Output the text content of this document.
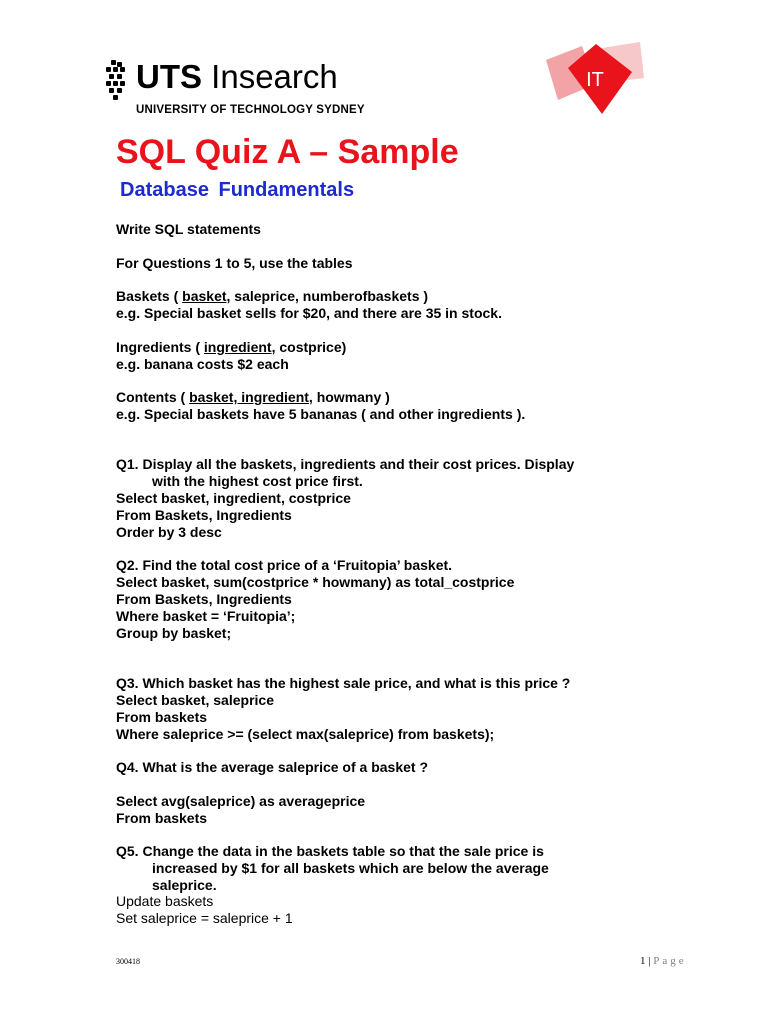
UTS Insearch
UNIVERSITY OF TECHNOLOGY SYDNEY
IT
SQL Quiz A – Sample
Database Fundamentals
Write SQL statements
For Questions 1 to 5, use the tables
Baskets ( basket, saleprice, numberofbaskets )
e.g. Special basket sells for $20, and there are 35 in stock.
Ingredients ( ingredient, costprice)
e.g. banana costs $2 each
Contents ( basket, ingredient, howmany )
e.g. Special baskets have 5 bananas ( and other ingredients ).
Q1. Display all the baskets, ingredients and their cost prices. Display
with the highest cost price first.
Select basket, ingredient, costprice
From Baskets, Ingredients
Order by 3 desc
Q2. Find the total cost price of a ‘Fruitopia’ basket.
Select basket, sum(costprice * howmany) as total_costprice
From Baskets, Ingredients
Where basket = ‘Fruitopia’;
Group by basket;
Q3. Which basket has the highest sale price, and what is this price ?
Select basket, saleprice
From baskets
Where saleprice >= (select max(saleprice) from baskets);
Q4. What is the average saleprice of a basket ?
Select avg(saleprice) as averageprice
From baskets
Q5. Change the data in the baskets table so that the sale price is
increased by $1 for all baskets which are below the average
saleprice.
Update baskets
Set saleprice = saleprice + 1
300418	1 | Page
